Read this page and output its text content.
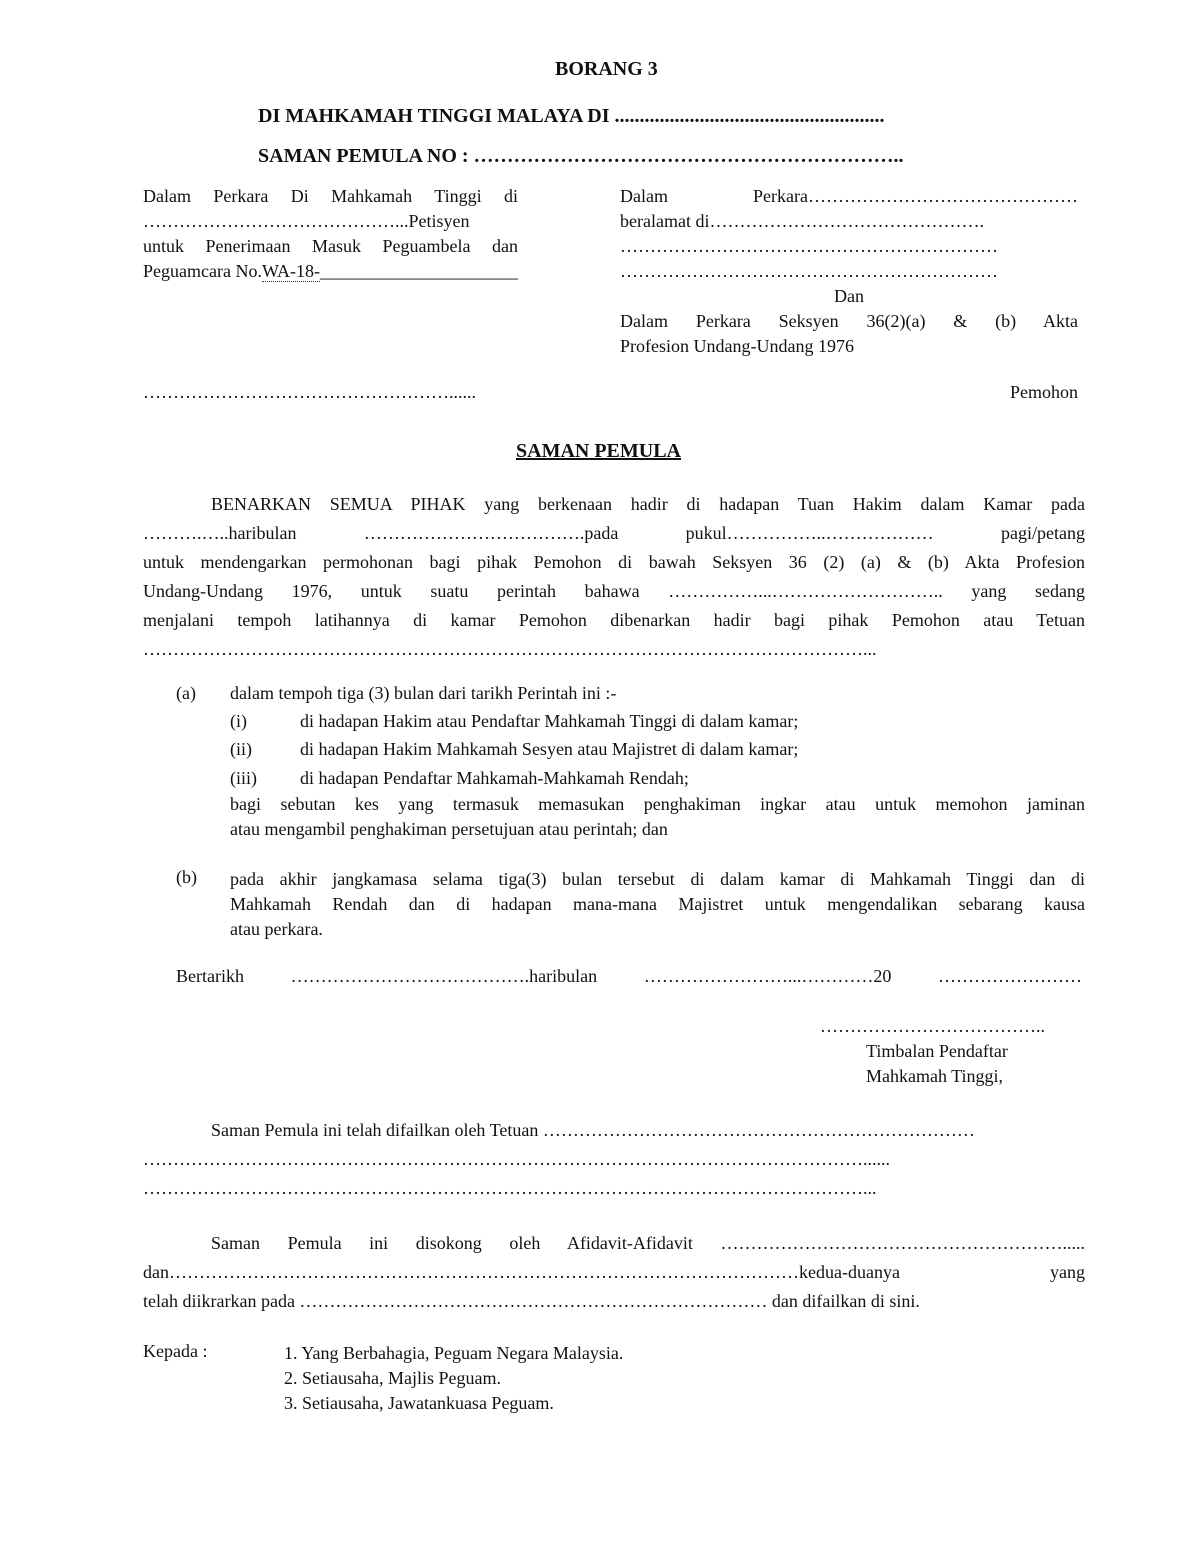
BORANG 3
DI MAHKAMAH TINGGI MALAYA DI ......................................................
SAMAN PEMULA NO : ………………………………………………………..
Dalam Perkara Di Mahkamah Tinggi di
……………………………………...Petisyen
untuk Penerimaan Masuk Peguambela dan
Peguamcara No.WA-18-______________________
……………………………………………......
Dalam Perkara………………………………………
beralamat di……………………………………….
………………………………………………………
………………………………………………………
Dan
Dalam Perkara Seksyen 36(2)(a) & (b) Akta
Profesion Undang-Undang 1976
Pemohon
SAMAN PEMULA
BENARKAN SEMUA PIHAK yang berkenaan hadir di hadapan Tuan Hakim dalam Kamar pada
……….…..haribulan ……………………………….pada pukul……………..……………… pagi/petang
untuk mendengarkan permohonan bagi pihak Pemohon di bawah Seksyen 36 (2) (a) & (b) Akta Profesion
Undang-Undang 1976, untuk suatu perintah bahawa ……………...……………………….. yang sedang
menjalani tempoh latihannya di kamar Pemohon dibenarkan hadir bagi pihak Pemohon atau Tetuan
…………………………………………………………………………………………………………...
(a) dalam tempoh tiga (3) bulan dari tarikh Perintah ini :-
(i)	di hadapan Hakim atau Pendaftar Mahkamah Tinggi di dalam kamar;
(ii)	di hadapan Hakim Mahkamah Sesyen atau Majistret di dalam kamar;
(iii) di hadapan Pendaftar Mahkamah-Mahkamah Rendah;
bagi sebutan kes yang termasuk memasukan penghakiman ingkar atau untuk memohon jaminan
atau mengambil penghakiman persetujuan atau perintah; dan
(b) pada akhir jangkamasa selama tiga(3) bulan tersebut di dalam kamar di Mahkamah Tinggi dan di
Mahkamah Rendah dan di hadapan mana-mana Majistret untuk mengendalikan sebarang kausa
atau perkara.
Bertarikh ………………………………….haribulan ……………………...…………20 ……………………
………………………………..
Timbalan Pendaftar
Mahkamah Tinggi,
Saman Pemula ini telah difailkan oleh Tetuan ………………………………………………………………
…………………………………………………………………………………………………………......
…………………………………………………………………………………………………………...
Saman Pemula ini disokong oleh Afidavit-Afidavit ………………………………………………….....
dan……………………………………………………………………………………………kedua-duanya yang
telah diikrarkan pada …………………………………………………………………… dan difailkan di sini.
Kepada :	1. Yang Berbahagia, Peguam Negara Malaysia.
2. Setiausaha, Majlis Peguam.
3. Setiausaha, Jawatankuasa Peguam.
